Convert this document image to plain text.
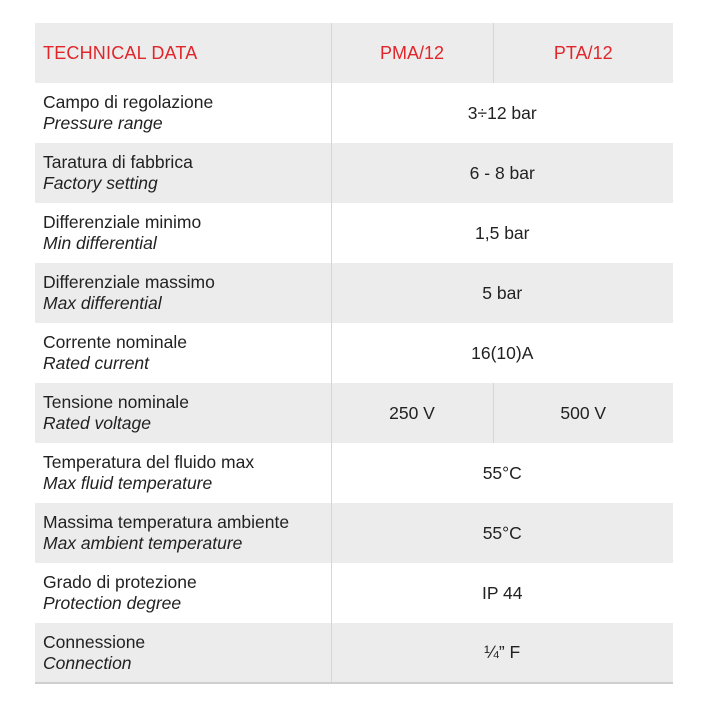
TECHNICAL DATA	PMA/12	PTA/12

Campo di regolazione
Pressure range	3÷12 bar	

Taratura di fabbrica
Factory setting	6 - 8 bar	

Differenziale minimo
Min differential	1,5 bar	

Differenziale massimo
Max differential	5 bar	

Corrente nominale
Rated current	16(10)A	

Tensione nominale
Rated voltage	250 V	500 V

Temperatura del fluido max
Max fluid temperature	55°C	

Massima temperatura ambiente
Max ambient temperature	55°C	

Grado di protezione
Protection degree	IP 44	

Connessione
Connection	¼” F	
